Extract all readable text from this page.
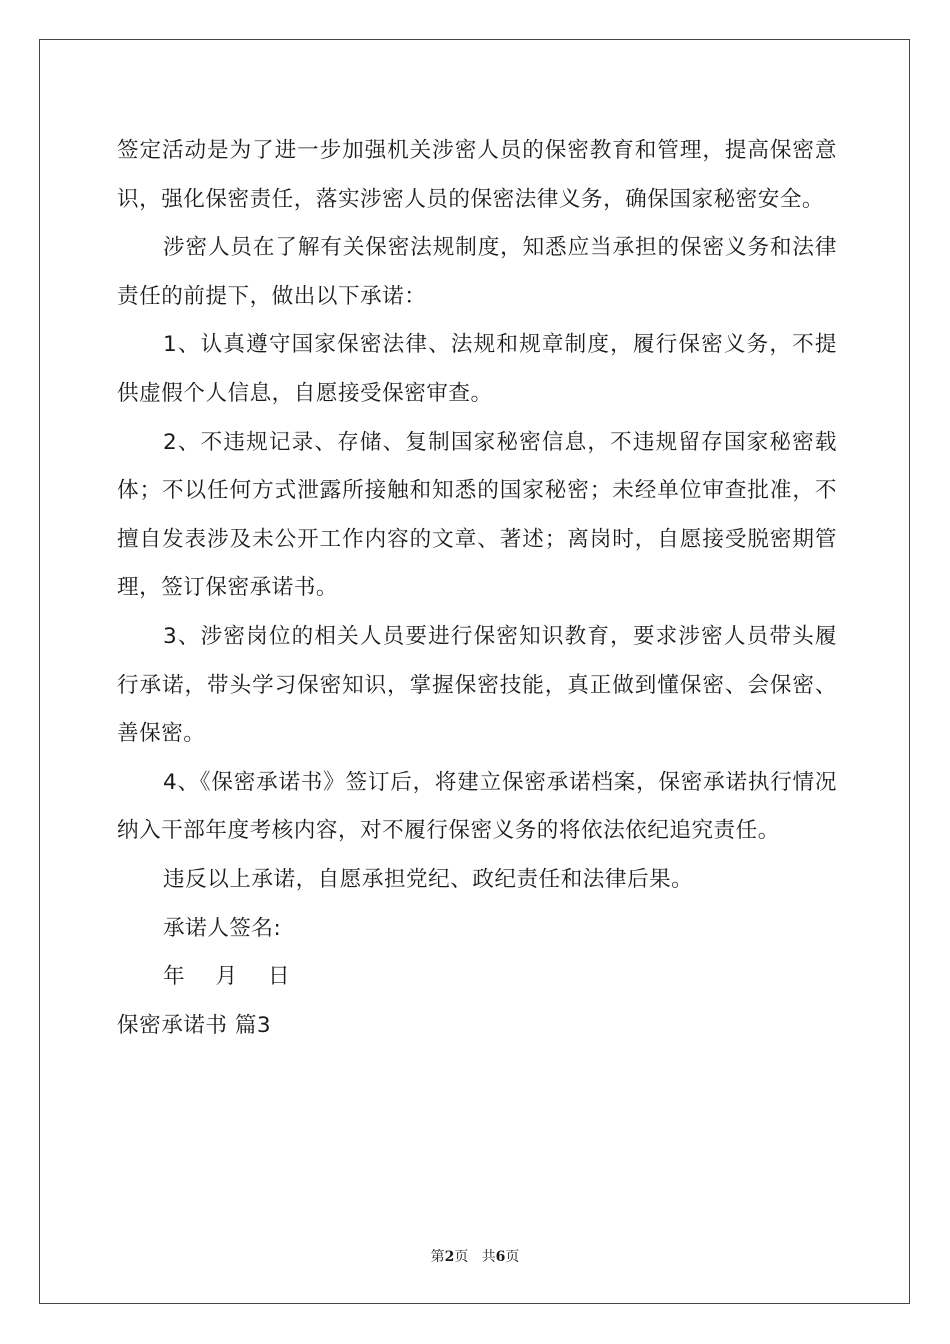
签定活动是为了进一步加强机关涉密人员的保密教育和管理，提高保密意识，强化保密责任，落实涉密人员的保密法律义务，确保国家秘密安全。

涉密人员在了解有关保密法规制度，知悉应当承担的保密义务和法律责任的前提下，做出以下承诺：

1、认真遵守国家保密法律、法规和规章制度，履行保密义务，不提供虚假个人信息，自愿接受保密审查。

2、不违规记录、存储、复制国家秘密信息，不违规留存国家秘密载体；不以任何方式泄露所接触和知悉的国家秘密；未经单位审查批准，不擅自发表涉及未公开工作内容的文章、著述；离岗时，自愿接受脱密期管理，签订保密承诺书。

3、涉密岗位的相关人员要进行保密知识教育，要求涉密人员带头履行承诺，带头学习保密知识，掌握保密技能，真正做到懂保密、会保密、善保密。

4、《保密承诺书》签订后，将建立保密承诺档案，保密承诺执行情况纳入干部年度考核内容，对不履行保密义务的将依法依纪追究责任。

违反以上承诺，自愿承担党纪、政纪责任和法律后果。

承诺人签名:

年 月 日

保密承诺书 篇3

第2页 共6页
